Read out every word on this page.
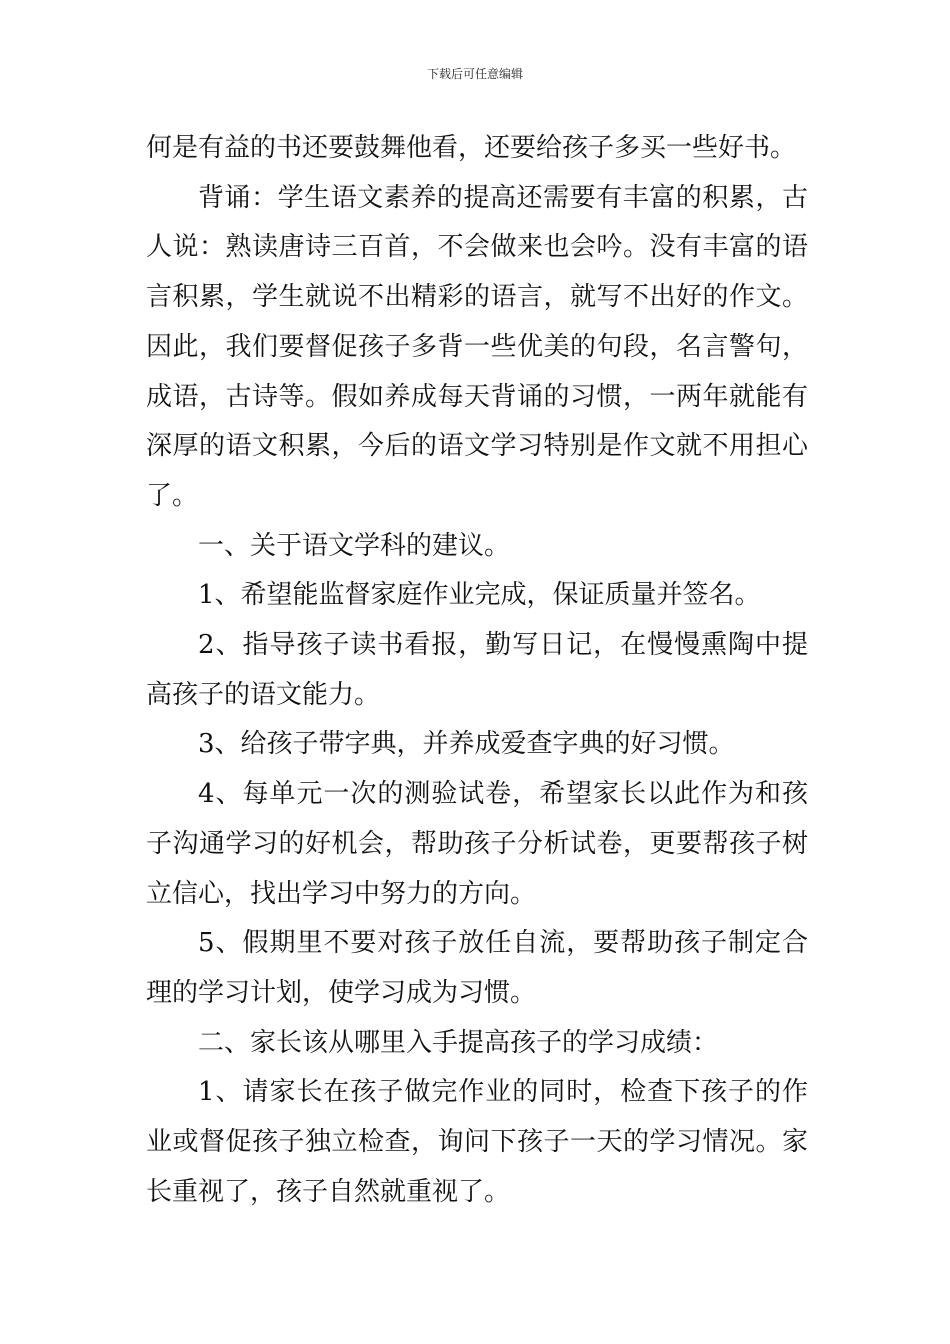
下载后可任意编辑

何是有益的书还要鼓舞他看，还要给孩子多买一些好书。

背诵：学生语文素养的提高还需要有丰富的积累，古人说：熟读唐诗三百首，不会做来也会吟。没有丰富的语言积累，学生就说不出精彩的语言，就写不出好的作文。因此，我们要督促孩子多背一些优美的句段，名言警句，成语，古诗等。假如养成每天背诵的习惯，一两年就能有深厚的语文积累，今后的语文学习特别是作文就不用担心了。

一、关于语文学科的建议。

1、希望能监督家庭作业完成，保证质量并签名。

2、指导孩子读书看报，勤写日记，在慢慢熏陶中提高孩子的语文能力。

3、给孩子带字典，并养成爱查字典的好习惯。

4、每单元一次的测验试卷，希望家长以此作为和孩子沟通学习的好机会，帮助孩子分析试卷，更要帮孩子树立信心，找出学习中努力的方向。

5、假期里不要对孩子放任自流，要帮助孩子制定合理的学习计划，使学习成为习惯。

二、家长该从哪里入手提高孩子的学习成绩：

1、请家长在孩子做完作业的同时，检查下孩子的作业或督促孩子独立检查，询问下孩子一天的学习情况。家长重视了，孩子自然就重视了。
